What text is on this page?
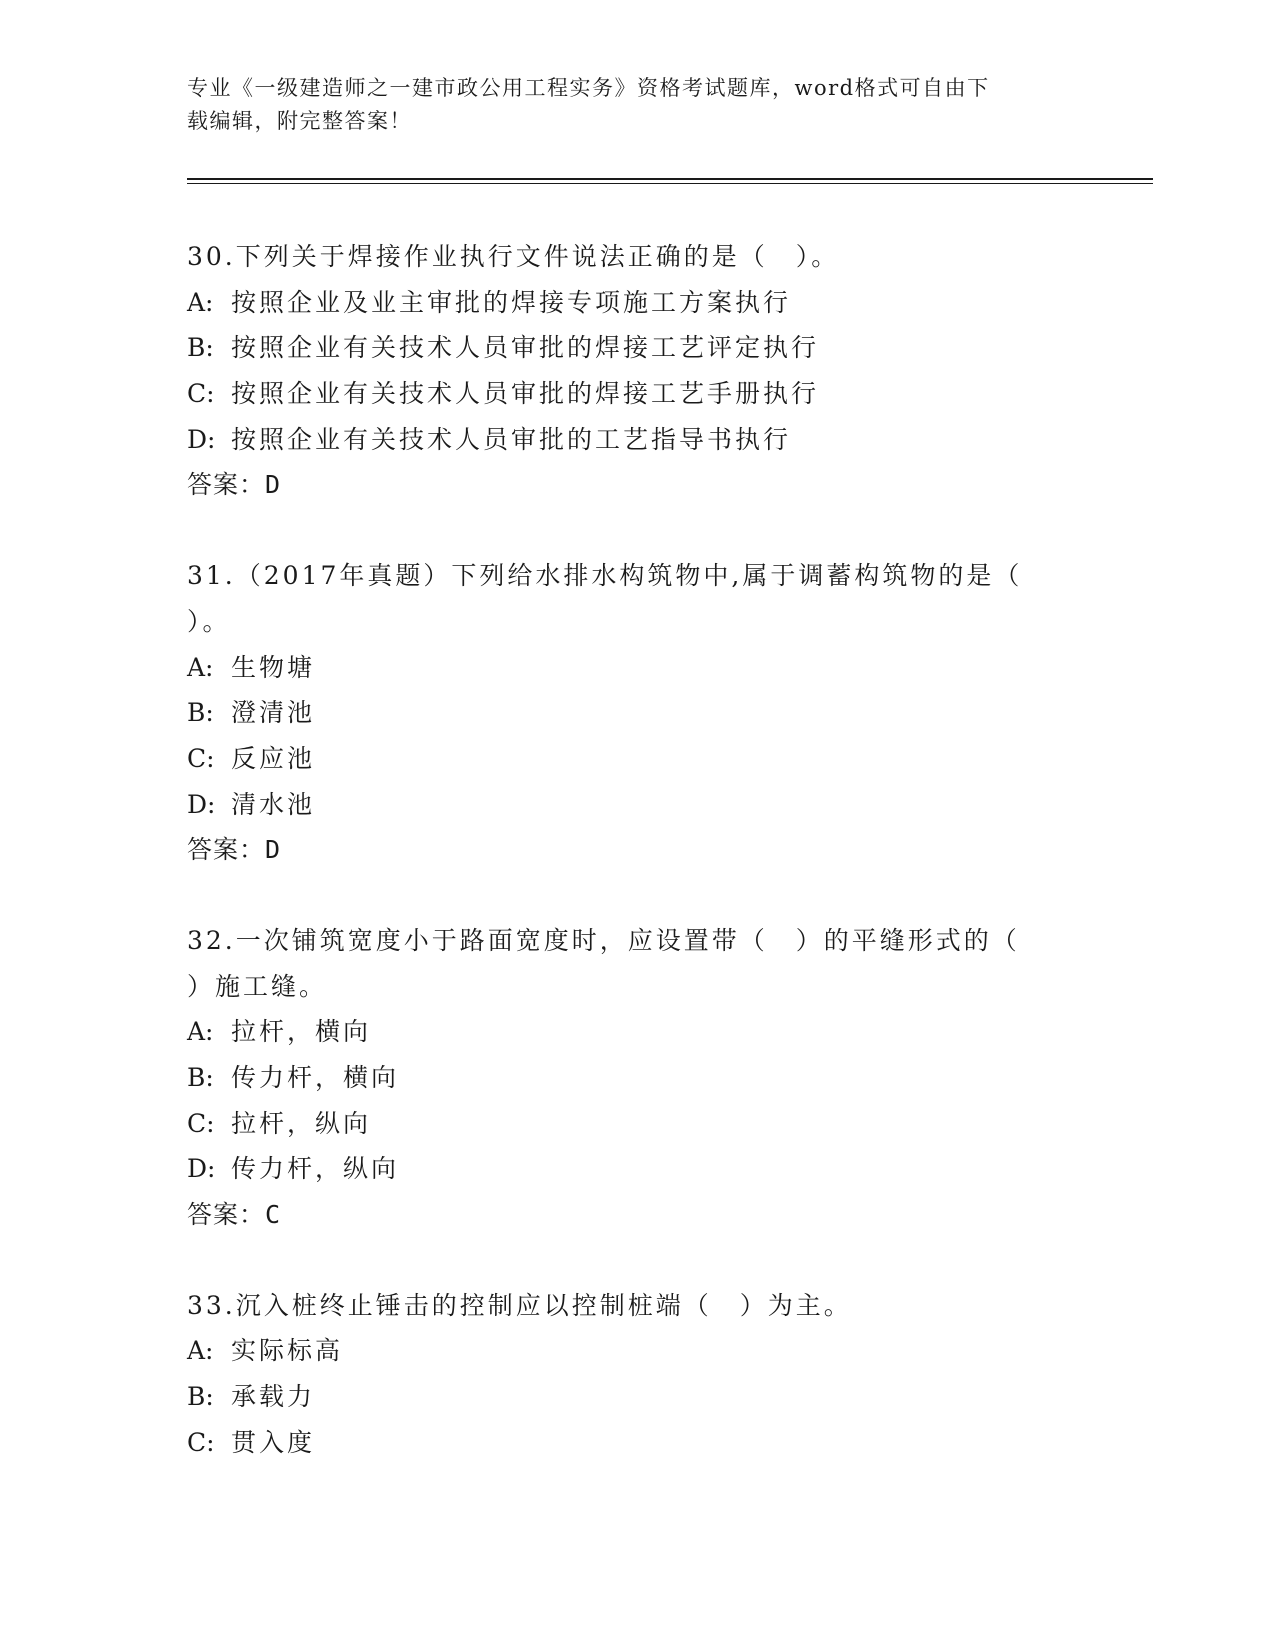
专业《一级建造师之一建市政公用工程实务》资格考试题库，word格式可自由下
载编辑，附完整答案！
30.下列关于焊接作业执行文件说法正确的是（　）。
A: 按照企业及业主审批的焊接专项施工方案执行
B: 按照企业有关技术人员审批的焊接工艺评定执行
C: 按照企业有关技术人员审批的焊接工艺手册执行
D: 按照企业有关技术人员审批的工艺指导书执行
答案：D
31.（2017年真题）下列给水排水构筑物中,属于调蓄构筑物的是（
）。
A: 生物塘
B: 澄清池
C: 反应池
D: 清水池
答案：D
32.一次铺筑宽度小于路面宽度时，应设置带（　）的平缝形式的（
）施工缝。
A: 拉杆，横向
B: 传力杆，横向
C: 拉杆，纵向
D: 传力杆，纵向
答案：C
33.沉入桩终止锤击的控制应以控制桩端（　）为主。
A: 实际标高
B: 承载力
C: 贯入度
